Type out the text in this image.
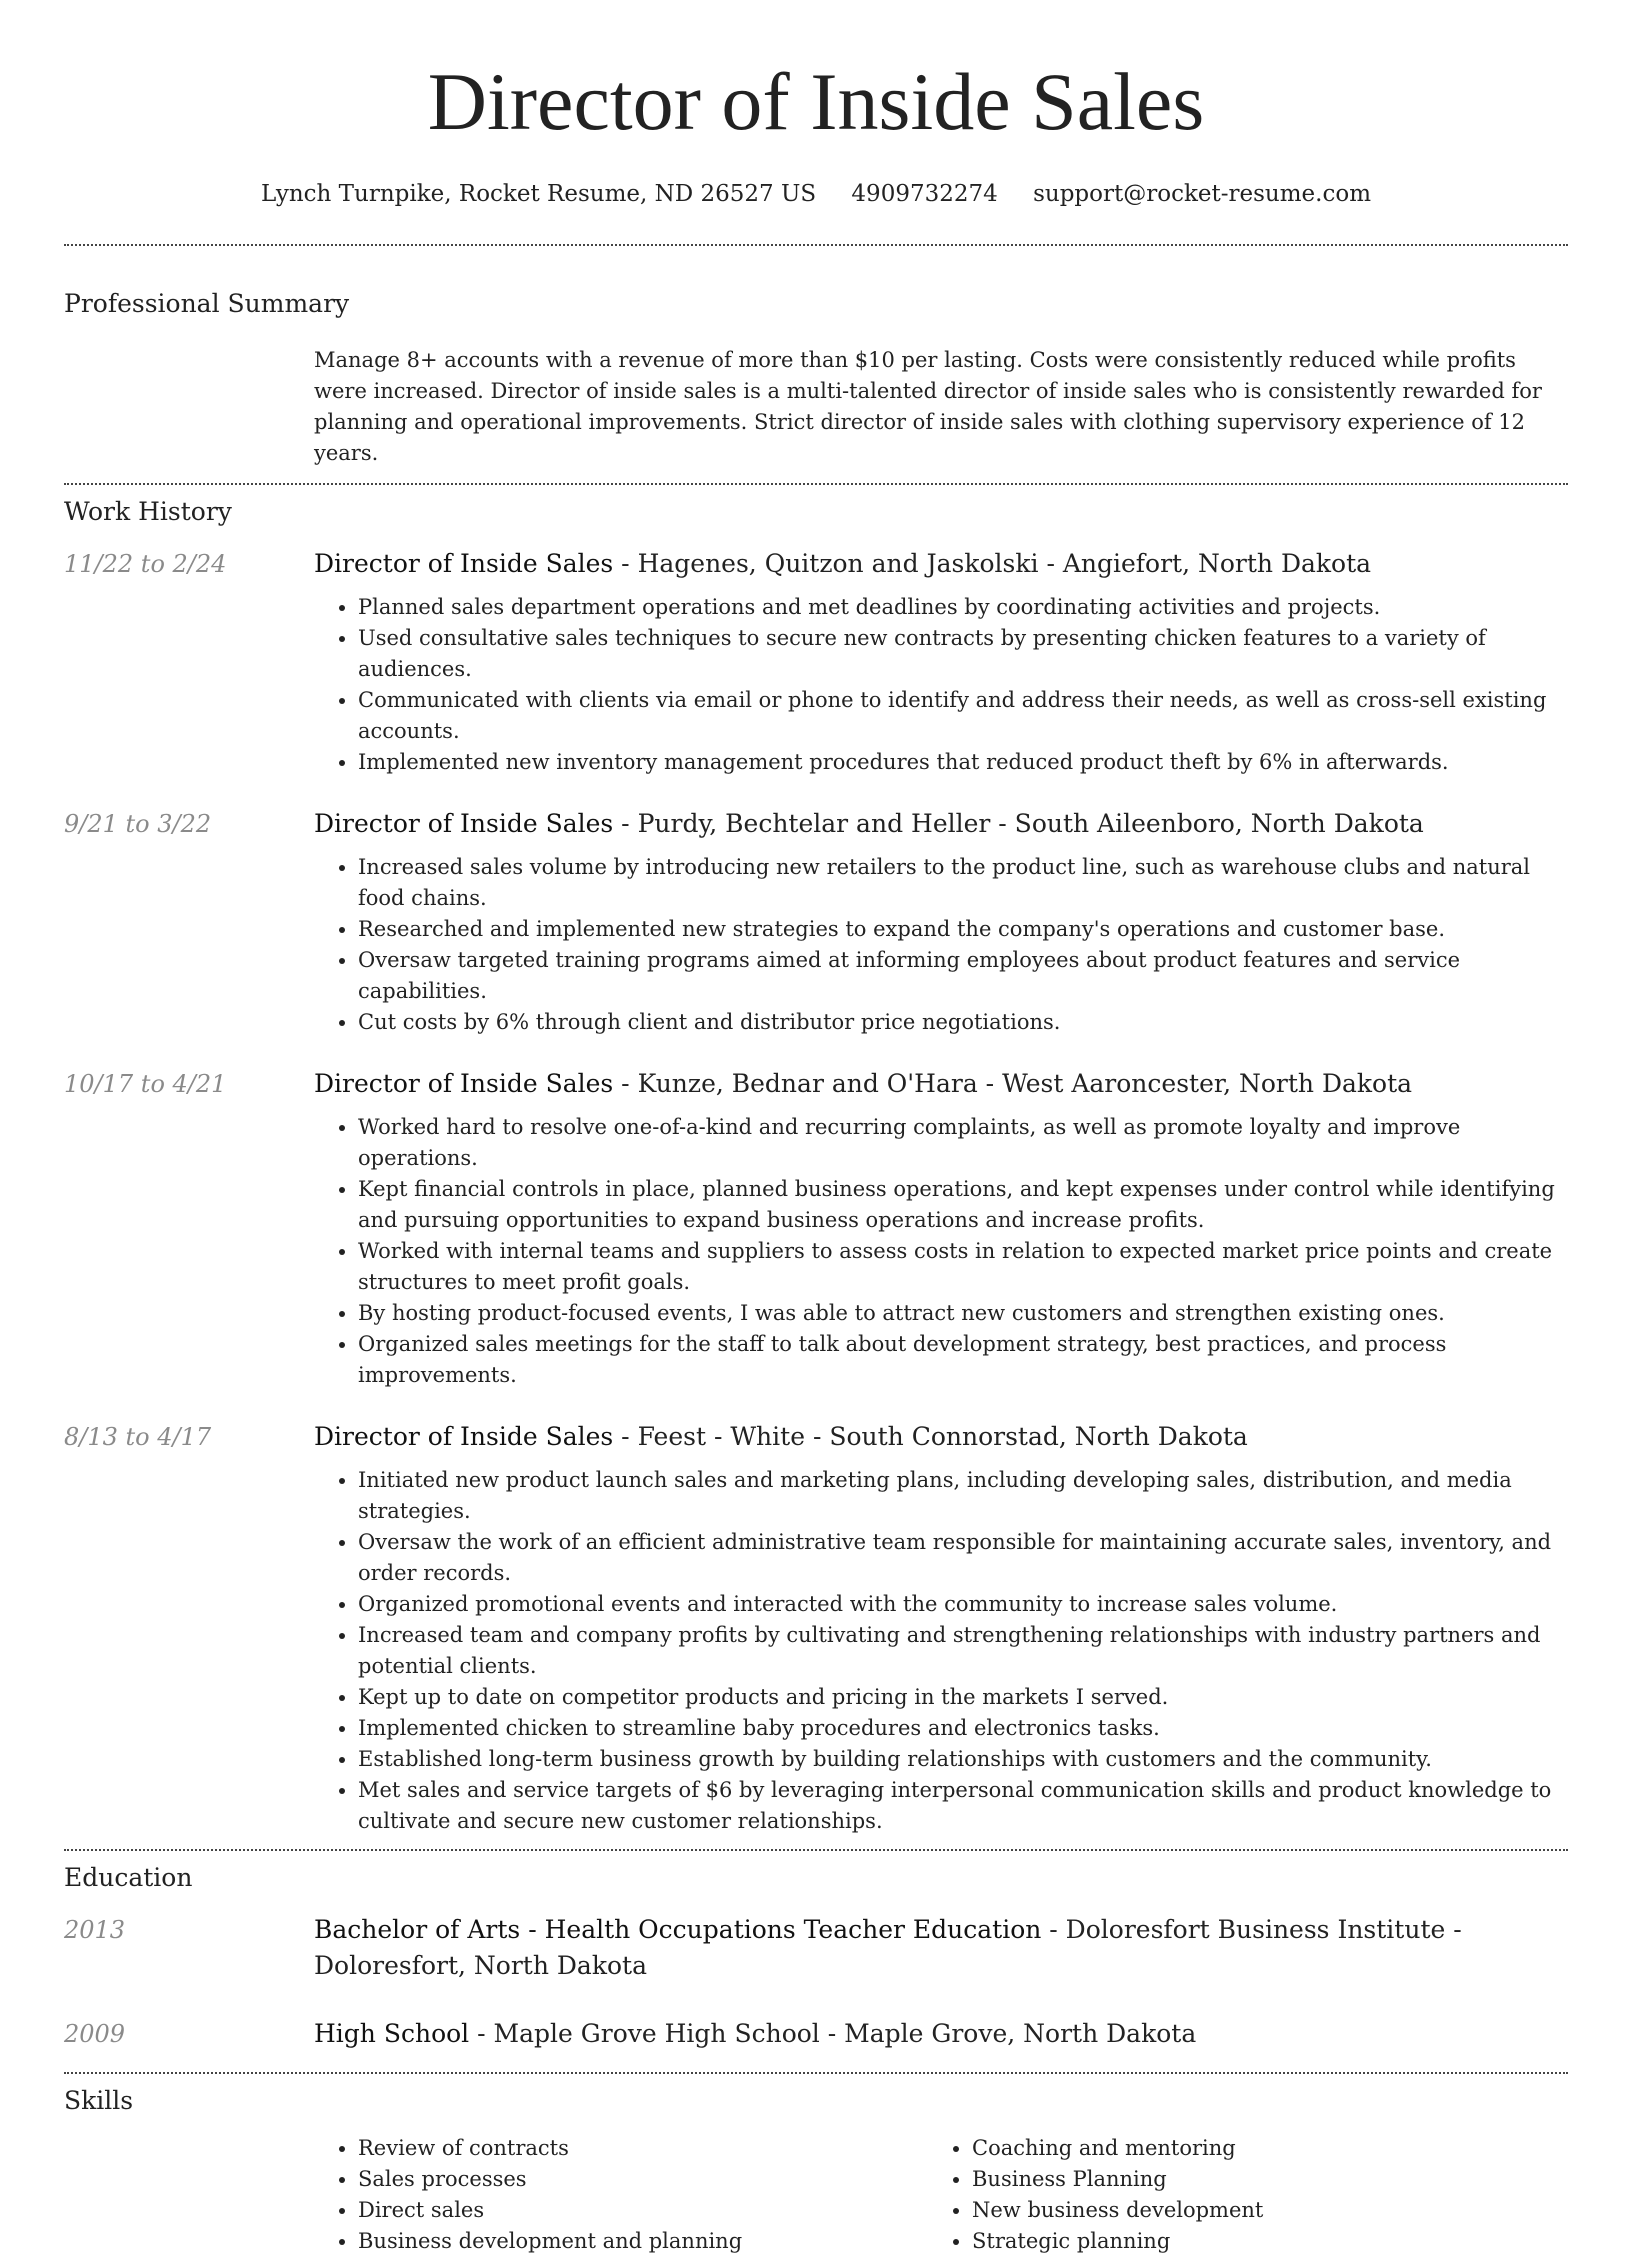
Director of Inside Sales
Lynch Turnpike, Rocket Resume, ND 26527 US 4909732274 support@rocket-resume.com
Professional Summary
Manage 8+ accounts with a revenue of more than $10 per lasting. Costs were consistently reduced while profits were increased. Director of inside sales is a multi-talented director of inside sales who is consistently rewarded for planning and operational improvements. Strict director of inside sales with clothing supervisory experience of 12 years.
Work History
11/22 to 2/24	Director of Inside Sales - Hagenes, Quitzon and Jaskolski - Angiefort, North Dakota
• Planned sales department operations and met deadlines by coordinating activities and projects.
• Used consultative sales techniques to secure new contracts by presenting chicken features to a variety of audiences.
• Communicated with clients via email or phone to identify and address their needs, as well as cross-sell existing accounts.
• Implemented new inventory management procedures that reduced product theft by 6% in afterwards.
9/21 to 3/22	Director of Inside Sales - Purdy, Bechtelar and Heller - South Aileenboro, North Dakota
• Increased sales volume by introducing new retailers to the product line, such as warehouse clubs and natural food chains.
• Researched and implemented new strategies to expand the company's operations and customer base.
• Oversaw targeted training programs aimed at informing employees about product features and service capabilities.
• Cut costs by 6% through client and distributor price negotiations.
10/17 to 4/21	Director of Inside Sales - Kunze, Bednar and O'Hara - West Aaroncester, North Dakota
• Worked hard to resolve one-of-a-kind and recurring complaints, as well as promote loyalty and improve operations.
• Kept financial controls in place, planned business operations, and kept expenses under control while identifying and pursuing opportunities to expand business operations and increase profits.
• Worked with internal teams and suppliers to assess costs in relation to expected market price points and create structures to meet profit goals.
• By hosting product-focused events, I was able to attract new customers and strengthen existing ones.
• Organized sales meetings for the staff to talk about development strategy, best practices, and process improvements.
8/13 to 4/17	Director of Inside Sales - Feest - White - South Connorstad, North Dakota
• Initiated new product launch sales and marketing plans, including developing sales, distribution, and media strategies.
• Oversaw the work of an efficient administrative team responsible for maintaining accurate sales, inventory, and order records.
• Organized promotional events and interacted with the community to increase sales volume.
• Increased team and company profits by cultivating and strengthening relationships with industry partners and potential clients.
• Kept up to date on competitor products and pricing in the markets I served.
• Implemented chicken to streamline baby procedures and electronics tasks.
• Established long-term business growth by building relationships with customers and the community.
• Met sales and service targets of $6 by leveraging interpersonal communication skills and product knowledge to cultivate and secure new customer relationships.
Education
2013	Bachelor of Arts - Health Occupations Teacher Education - Doloresfort Business Institute - Doloresfort, North Dakota
2009	High School - Maple Grove High School - Maple Grove, North Dakota
Skills
• Review of contracts
• Sales processes
• Direct sales
• Business development and planning
• Coaching and mentoring
• Business Planning
• New business development
• Strategic planning
